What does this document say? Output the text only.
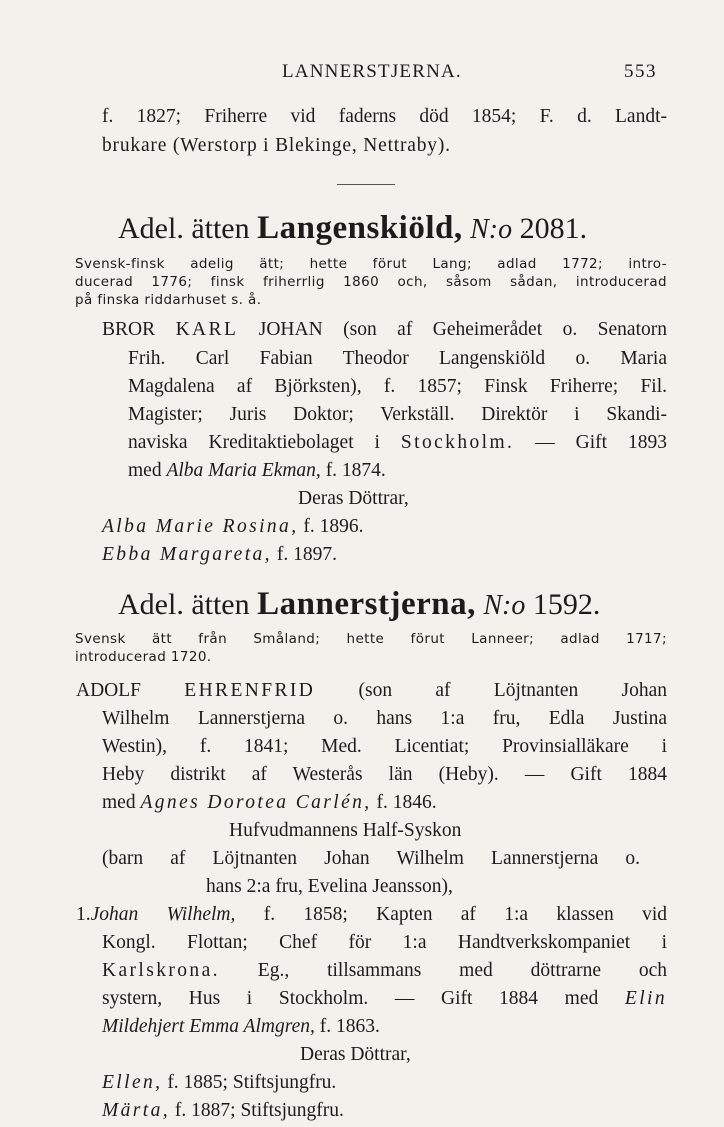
LANNERSTJERNA.	553
f. 1827; Friherre vid faderns död 1854; F. d. Landt-
brukare (Werstorp i Blekinge, Nettraby).
Adel. ätten Langenskiöld, N:o 2081.
Svensk-finsk adelig ätt; hette förut Lang; adlad 1772; intro-
ducerad 1776; finsk friherrlig 1860 och, såsom sådan, introducerad
på finska riddarhuset s. å.
BROR KARL JOHAN (son af Geheimerådet o. Senatorn
Frih. Carl Fabian Theodor Langenskiöld o. Maria
Magdalena af Björksten), f. 1857; Finsk Friherre; Fil.
Magister; Juris Doktor; Verkställ. Direktör i Skandi-
naviska Kreditaktiebolaget i Stockholm. — Gift 1893
med Alba Maria Ekman, f. 1874.
Deras Döttrar,
Alba Marie Rosina, f. 1896.
Ebba Margareta, f. 1897.
Adel. ätten Lannerstjerna, N:o 1592.
Svensk ätt från Småland; hette förut Lanneer; adlad 1717;
introducerad 1720.
ADOLF EHRENFRID (son af Löjtnanten Johan
Wilhelm Lannerstjerna o. hans 1:a fru, Edla Justina
Westin), f. 1841; Med. Licentiat; Provinsialläkare i
Heby distrikt af Westerås län (Heby). — Gift 1884
med Agnes Dorotea Carlén, f. 1846.
Hufvudmannens Half-Syskon
(barn af Löjtnanten Johan Wilhelm Lannerstjerna o.
hans 2:a fru, Evelina Jeansson),
1.Johan Wilhelm, f. 1858; Kapten af 1:a klassen vid
Kongl. Flottan; Chef för 1:a Handtverkskompaniet i
Karlskrona. Eg., tillsammans med döttrarne och
systern, Hus i Stockholm. — Gift 1884 med Elin
Mildehjert Emma Almgren, f. 1863.
Deras Döttrar,
Ellen, f. 1885; Stiftsjungfru.
Märta, f. 1887; Stiftsjungfru.
